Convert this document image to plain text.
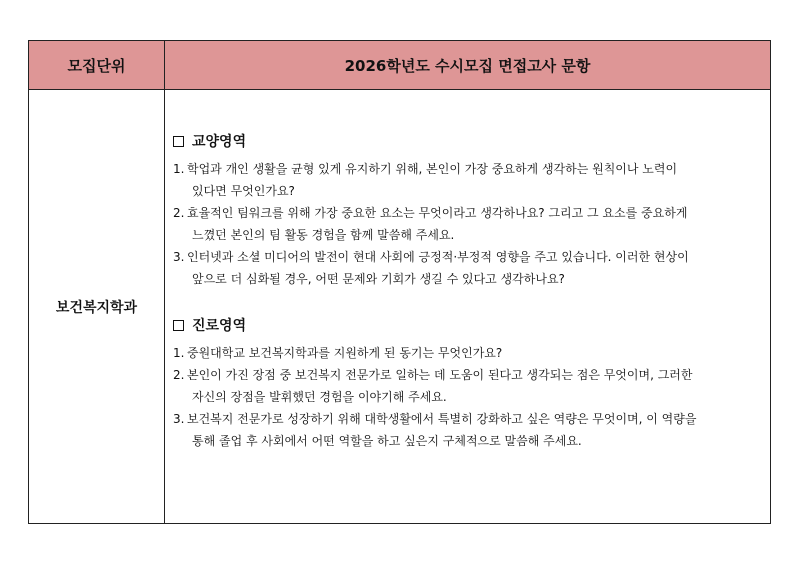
모집단위	2026학년도 수시모집 면접고사 문항
보건복지학과
교양영역
1. 학업과 개인 생활을 균형 있게 유지하기 위해, 본인이 가장 중요하게 생각하는 원칙이나 노력이
있다면 무엇인가요?
2. 효율적인 팀워크를 위해 가장 중요한 요소는 무엇이라고 생각하나요? 그리고 그 요소를 중요하게
느꼈던 본인의 팀 활동 경험을 함께 말씀해 주세요.
3. 인터넷과 소셜 미디어의 발전이 현대 사회에 긍정적·부정적 영향을 주고 있습니다. 이러한 현상이
앞으로 더 심화될 경우, 어떤 문제와 기회가 생길 수 있다고 생각하나요?
진로영역
1. 중원대학교 보건복지학과를 지원하게 된 동기는 무엇인가요?
2. 본인이 가진 장점 중 보건복지 전문가로 일하는 데 도움이 된다고 생각되는 점은 무엇이며, 그러한
자신의 장점을 발휘했던 경험을 이야기해 주세요.
3. 보건복지 전문가로 성장하기 위해 대학생활에서 특별히 강화하고 싶은 역량은 무엇이며, 이 역량을
통해 졸업 후 사회에서 어떤 역할을 하고 싶은지 구체적으로 말씀해 주세요.
